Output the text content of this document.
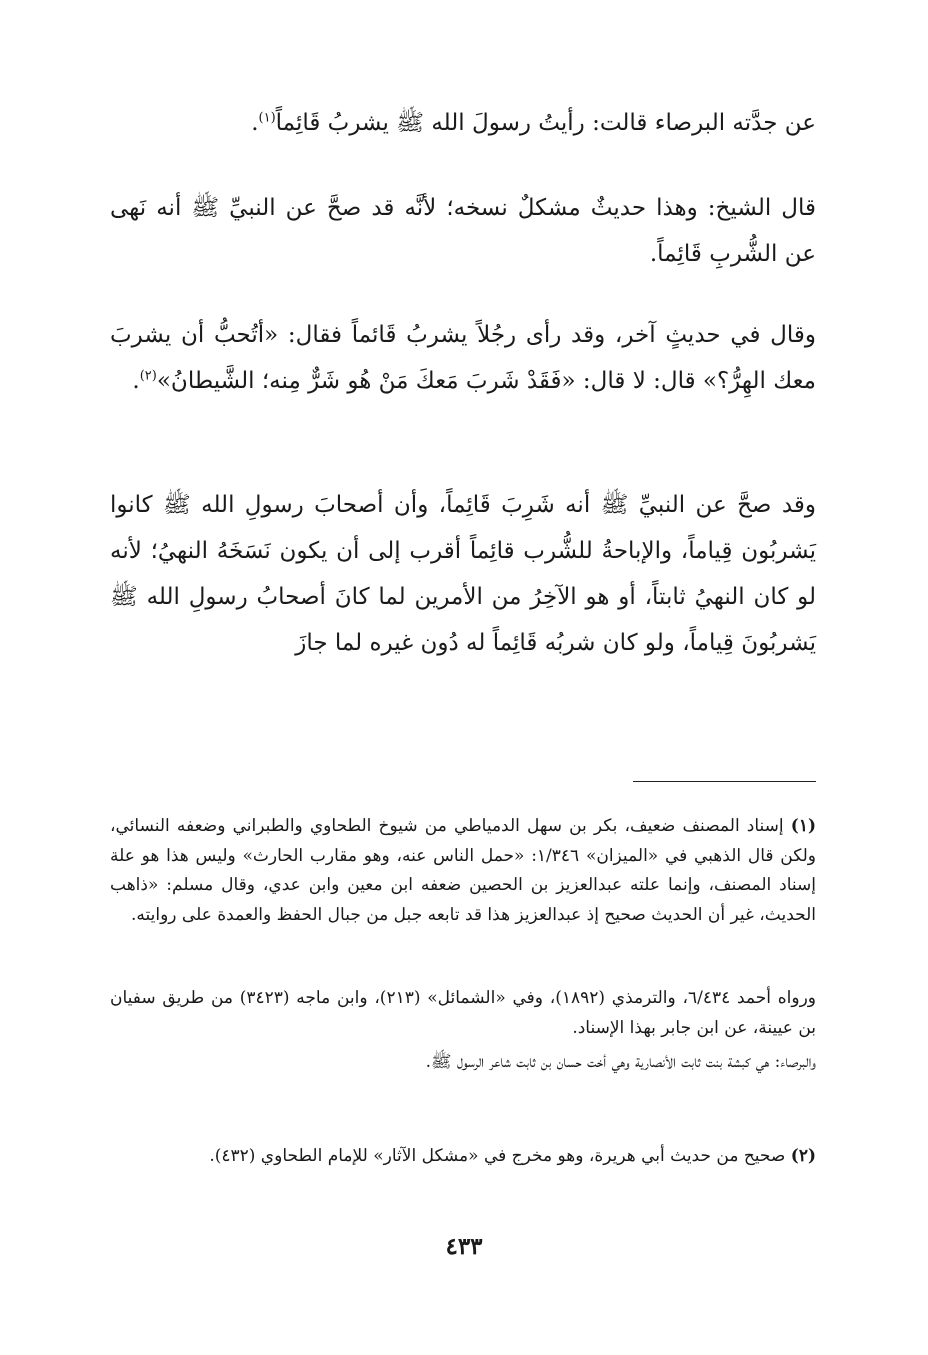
عن جدَّته البرصاء قالت: رأيتُ رسولَ الله ﷺ يشربُ قَائِماً$^{(١)}$.

قال الشيخ: وهذا حديثٌ مشكلٌ نسخه؛ لأنَّه قد صحَّ عن النبيِّ ﷺ أنه نَهى عن الشُّربِ قَائِماً.

وقال في حديثٍ آخر، وقد رأى رجُلاً يشربُ قَائماً فقال: «أتُحبُّ أن يشربَ معك الهِرُّ؟» قال: لا قال: «فَقَدْ شَربَ مَعكَ مَنْ هُو شَرٌّ مِنه؛ الشَّيطانُ»$^{(٢)}$.

وقد صحَّ عن النبيِّ ﷺ أنه شَرِبَ قَائِماً، وأن أصحابَ رسولِ الله ﷺ كانوا يَشربُون قِياماً، والإباحةُ للشُّرب قائِماً أقرب إلى أن يكون نَسَخَهُ النهيُ؛ لأنه لو كان النهيُ ثابتاً، أو هو الآخِرُ من الأمرين لما كانَ أصحابُ رسولِ الله ﷺ يَشربُونَ قِياماً، ولو كان شربُه قَائِماً له دُون غيره لما جازَ

(١) إسناد المصنف ضعيف، بكر بن سهل الدمياطي من شيوخ الطحاوي والطبراني وضعفه النسائي، ولكن قال الذهبي في «الميزان» ١/٣٤٦: «حمل الناس عنه، وهو مقارب الحارث» وليس هذا هو علة إسناد المصنف، وإنما علته عبدالعزيز بن الحصين ضعفه ابن معين وابن عدي، وقال مسلم: «ذاهب الحديث، غير أن الحديث صحيح إذ عبدالعزيز هذا قد تابعه جبل من جبال الحفظ والعمدة على روايته.

ورواه أحمد ٦/٤٣٤، والترمذي (١٨٩٢)، وفي «الشمائل» (٢١٣)، وابن ماجه (٣٤٢٣) من طريق سفيان بن عيينة، عن ابن جابر بهذا الإسناد.

والبرصاء: هي كبشة بنت ثابت الأنصارية وهي أخت حسان بن ثابت شاعر الرسول ﷺ.

(٢) صحيح من حديث أبي هريرة، وهو مخرج في «مشكل الآثار» للإمام الطحاوي (٤٣٢).

٤٣٣
